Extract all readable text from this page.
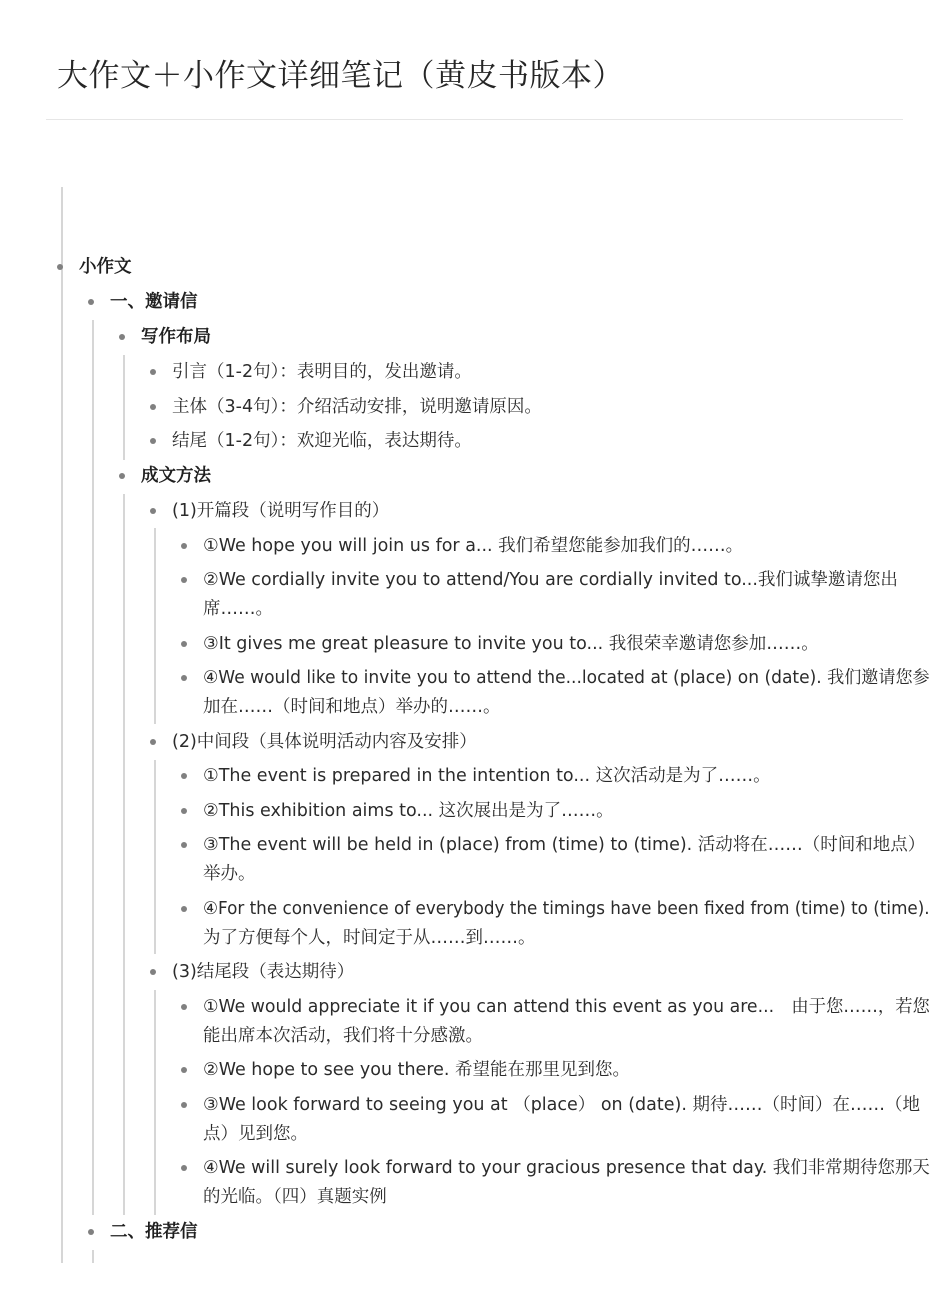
大作文＋小作文详细笔记（黄皮书版本）
小作文
一、邀请信
写作布局
引言（1-2句）：表明目的，发出邀请。
主体（3-4句）：介绍活动安排，说明邀请原因。
结尾（1-2句）：欢迎光临，表达期待。
成文方法
(1)开篇段（说明写作目的）
①We hope you will join us for a... 我们希望您能参加我们的……。
②We cordially invite you to attend/You are cordially invited to...我们诚挚邀请您出
席……。
③It gives me great pleasure to invite you to... 我很荣幸邀请您参加……。
④We would like to invite you to attend the...located at (place) on (date). 我们邀请您参
加在……（时间和地点）举办的……。
(2)中间段（具体说明活动内容及安排）
①The event is prepared in the intention to... 这次活动是为了……。
②This exhibition aims to... 这次展出是为了……。
③The event will be held in (place) from (time) to (time). 活动将在……（时间和地点）
举办。
④For the convenience of everybody the timings have been fixed from (time) to (time).
为了方便每个人，时间定于从……到……。
(3)结尾段（表达期待）
①We would appreciate it if you can attend this event as you are...　由于您……，若您
能出席本次活动，我们将十分感激。
②We hope to see you there. 希望能在那里见到您。
③We look forward to seeing you at （place） on (date). 期待……（时间）在……（地
点）见到您。
④We will surely look forward to your gracious presence that day. 我们非常期待您那天
的光临。（四）真题实例
二、推荐信
